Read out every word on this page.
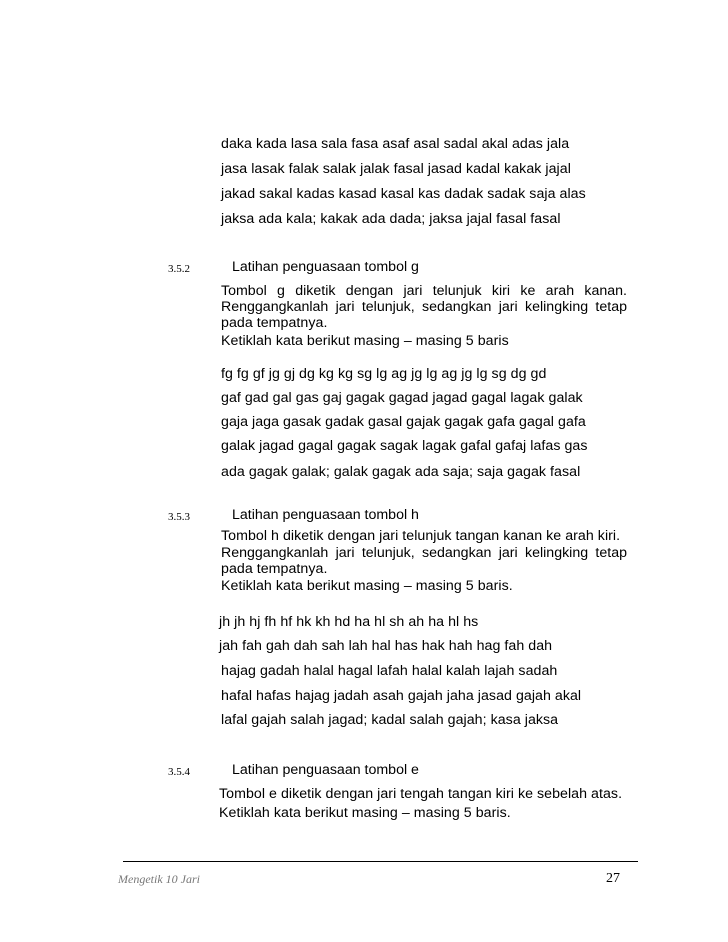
daka kada lasa sala fasa asaf asal sadal akal adas jala
jasa lasak falak salak jalak fasal jasad kadal kakak jajal
jakad sakal kadas kasad kasal kas dadak sadak saja alas
jaksa ada kala; kakak ada dada; jaksa jajal fasal fasal
3.5.2	Latihan penguasaan tombol g
Tombol g diketik dengan jari telunjuk kiri ke arah kanan.
Renggangkanlah jari telunjuk, sedangkan jari kelingking tetap
pada tempatnya.
Ketiklah kata berikut masing – masing 5 baris
fg fg gf jg gj dg kg kg sg lg ag jg lg ag jg lg sg dg gd
gaf gad gal gas gaj gagak gagad jagad gagal lagak galak
gaja jaga gasak gadak gasal gajak gagak gafa gagal gafa
galak jagad gagal gagak sagak lagak gafal gafaj lafas gas
ada gagak galak; galak gagak ada saja; saja gagak fasal
3.5.3	Latihan penguasaan tombol h
Tombol h diketik dengan jari telunjuk tangan kanan ke arah kiri.
Renggangkanlah jari telunjuk, sedangkan jari kelingking tetap
pada tempatnya.
Ketiklah kata berikut masing – masing 5 baris.
jh jh hj fh hf hk kh hd ha hl sh ah ha hl hs
jah fah gah dah sah lah hal has hak hah hag fah dah
hajag gadah halal hagal lafah halal kalah lajah sadah
hafal hafas hajag jadah asah gajah jaha jasad gajah akal
lafal gajah salah jagad; kadal salah gajah; kasa jaksa
3.5.4	Latihan penguasaan tombol e
Tombol e diketik dengan jari tengah tangan kiri ke sebelah atas.
Ketiklah kata berikut masing – masing 5 baris.
Mengetik 10 Jari	27
